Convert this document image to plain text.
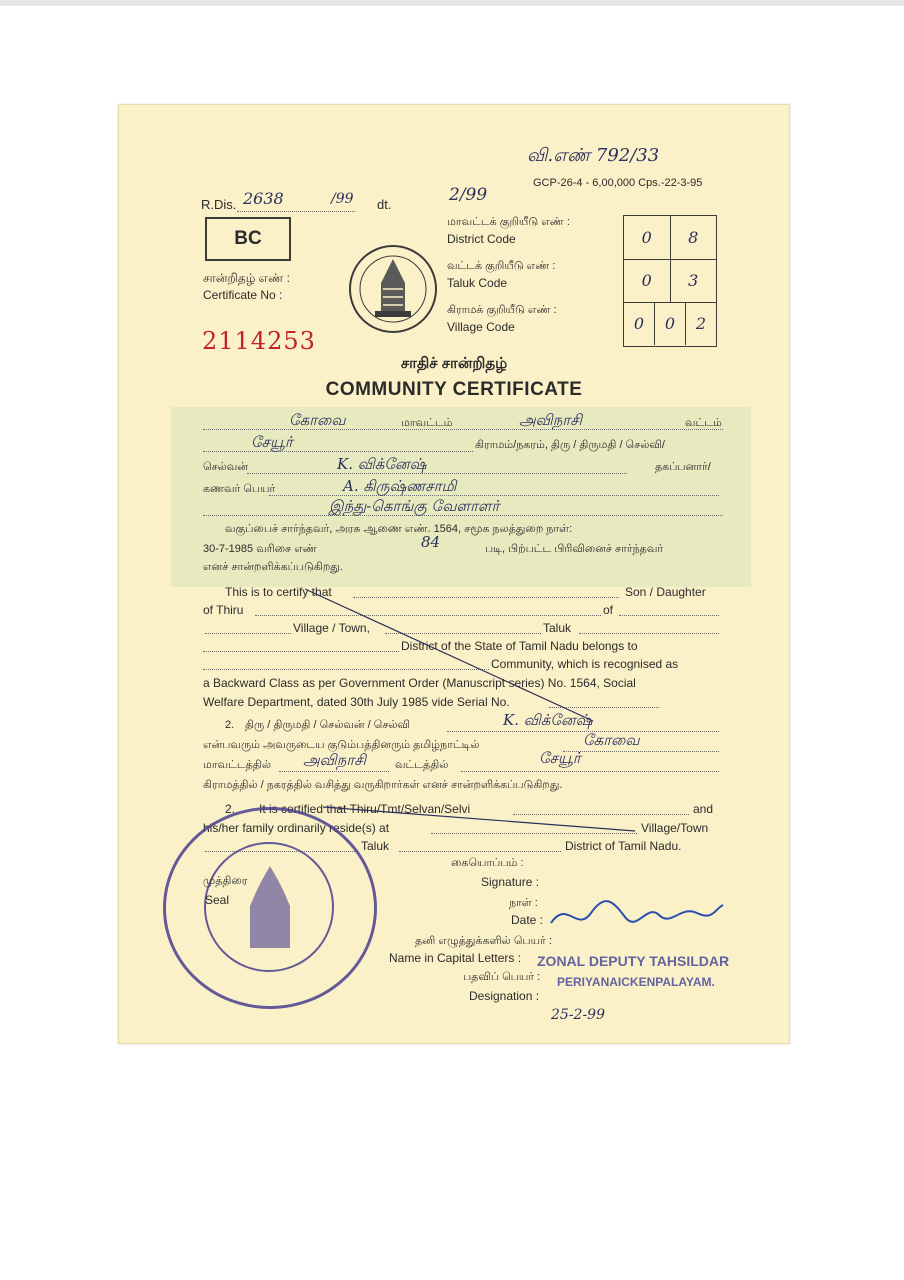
வி.எண் 792/33
GCP-26-4 - 6,00,000 Cps.-22-3-95
R.Dis. 2638	/99 dt.	2/99
BC
சான்றிதழ் எண் :
Certificate No :
2114253
மாவட்டக் குறியீடு எண் :
District Code
வட்டக் குறியீடு எண் :
Taluk Code
கிராமக் குறியீடு எண் :
Village Code
0	8
0	3
0	0	2
சாதிச் சான்றிதழ்
COMMUNITY CERTIFICATE
கோவை	மாவட்டம்	அவிநாசி	வட்டம்
சேயூர்	கிராமம்/நகரம், திரு / திருமதி / செல்வி/
செல்வன்	K. விக்னேஷ்	தகப்பனார்/
கணவர் பெயர்	A. கிருஷ்ணசாமி
இந்து-கொங்கு வேளாளர்
வகுப்பைச் சார்ந்தவர், அரசு ஆணை எண். 1564, சமூக நலத்துறை நாள்:
30-7-1985 வரிசை எண்	84	படி, பிற்பட்ட பிரிவினைச் சார்ந்தவர்
எனச் சான்றளிக்கப்படுகிறது.
This is to certify that	Son / Daughter
of Thiru	of
Village / Town,	Taluk
District of the State of Tamil Nadu belongs to
Community, which is recognised as
a Backward Class as per Government Order (Manuscript series) No. 1564, Social
Welfare Department, dated 30th July 1985 vide Serial No.
2. திரு / திருமதி / செல்வன் / செல்வி	K. விக்னேஷ்
என்பவரும் அவருடைய குடும்பத்தினரும் தமிழ்நாட்டில்	கோவை
மாவட்டத்தில் அவிநாசி	வட்டத்தில்	சேயூர்
கிராமத்தில் / நகரத்தில் வசித்து வருகிறார்கள் எனச் சான்றளிக்கப்படுகிறது.
2. It is certified that Thiru/Tmt/Selvan/Selvi	and
his/her family ordinarily reside(s) at	Village/Town
Taluk	District of Tamil Nadu.
முத்திரை
Seal
கையொப்பம் :
Signature :
நாள் :
Date :
தனி எழுத்துக்களில் பெயர் :
Name in Capital Letters :
பதவிப் பெயர் :
Designation :
ZONAL DEPUTY TAHSILDAR
PERIYANAICKENPALAYAM.
25-2-99
